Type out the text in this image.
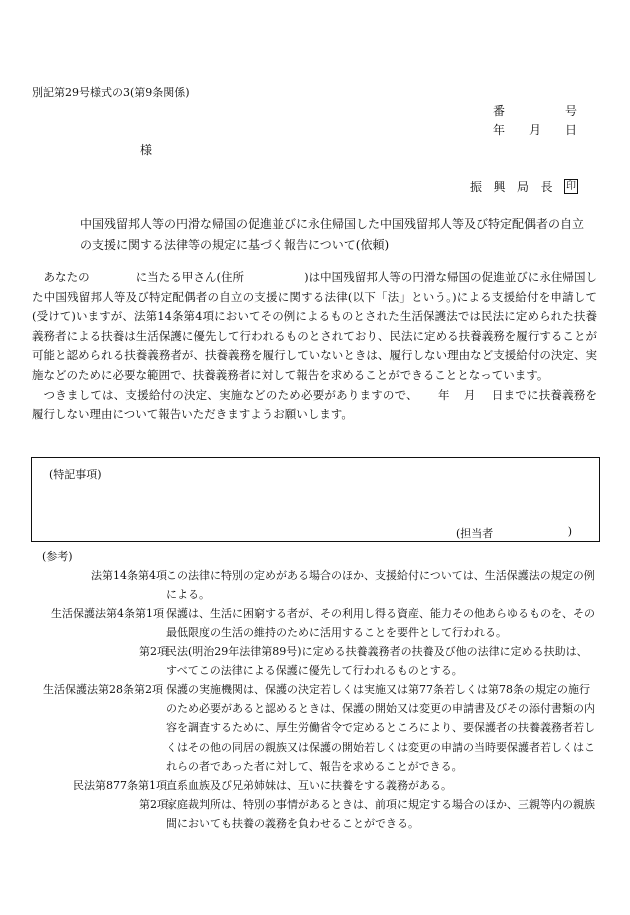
別記第29号様式の3(第9条関係)
番	号
年 月 日
様
振 興 局 長 印
中国残留邦人等の円滑な帰国の促進並びに永住帰国した中国残留邦人等及び特定配偶者の自立
の支援に関する法律等の規定に基づく報告について(依頼)

あなたの	に当たる甲さん(住所	)は中国残留邦人等の円滑な帰国の促進並びに永住帰国した中国残留邦人等及び特定配偶者の自立の支援に関する法律(以下「法」という。)による支援給付を申請して(受けて)いますが、法第14条第4項においてその例によるものとされた生活保護法では民法に定められた扶養義務者による扶養は生活保護に優先して行われるものとされており、民法に定める扶養義務を履行することが可能と認められる扶養義務者が、扶養義務を履行していないときは、履行しない理由など支援給付の決定、実施などのために必要な範囲で、扶養義務者に対して報告を求めることができることとなっています。

つきましては、支援給付の決定、実施などのため必要がありますので、 年 月 日までに扶養義務を履行しない理由について報告いただきますようお願いします。

(特記事項)
(担当者	)
(参考)
法第14条第4項 この法律に特別の定めがある場合のほか、支援給付については、生活保護法の規定の例による。
生活保護法第4条第1項 保護は、生活に困窮する者が、その利用し得る資産、能力その他あらゆるものを、その最低限度の生活の維持のために活用することを要件として行われる。
第2項
民法(明治29年法律第89号)に定める扶養義務者の扶養及び他の法律に定める扶助は、すべてこの法律による保護に優先して行われるものとする。
生活保護法第28条第2項 保護の実施機関は、保護の決定若しくは実施又は第77条若しくは第78条の規定の施行のため必要があると認めるときは、保護の開始又は変更の申請書及びその添付書類の内容を調査するために、厚生労働省令で定めるところにより、要保護者の扶養義務者若しくはその他の同居の親族又は保護の開始若しくは変更の申請の当時要保護者若しくはこれらの者であった者に対して、報告を求めることができる。
民法第877条第1項 直系血族及び兄弟姉妹は、互いに扶養をする義務がある。
第2項
家庭裁判所は、特別の事情があるときは、前項に規定する場合のほか、三親等内の親族間においても扶養の義務を負わせることができる。
